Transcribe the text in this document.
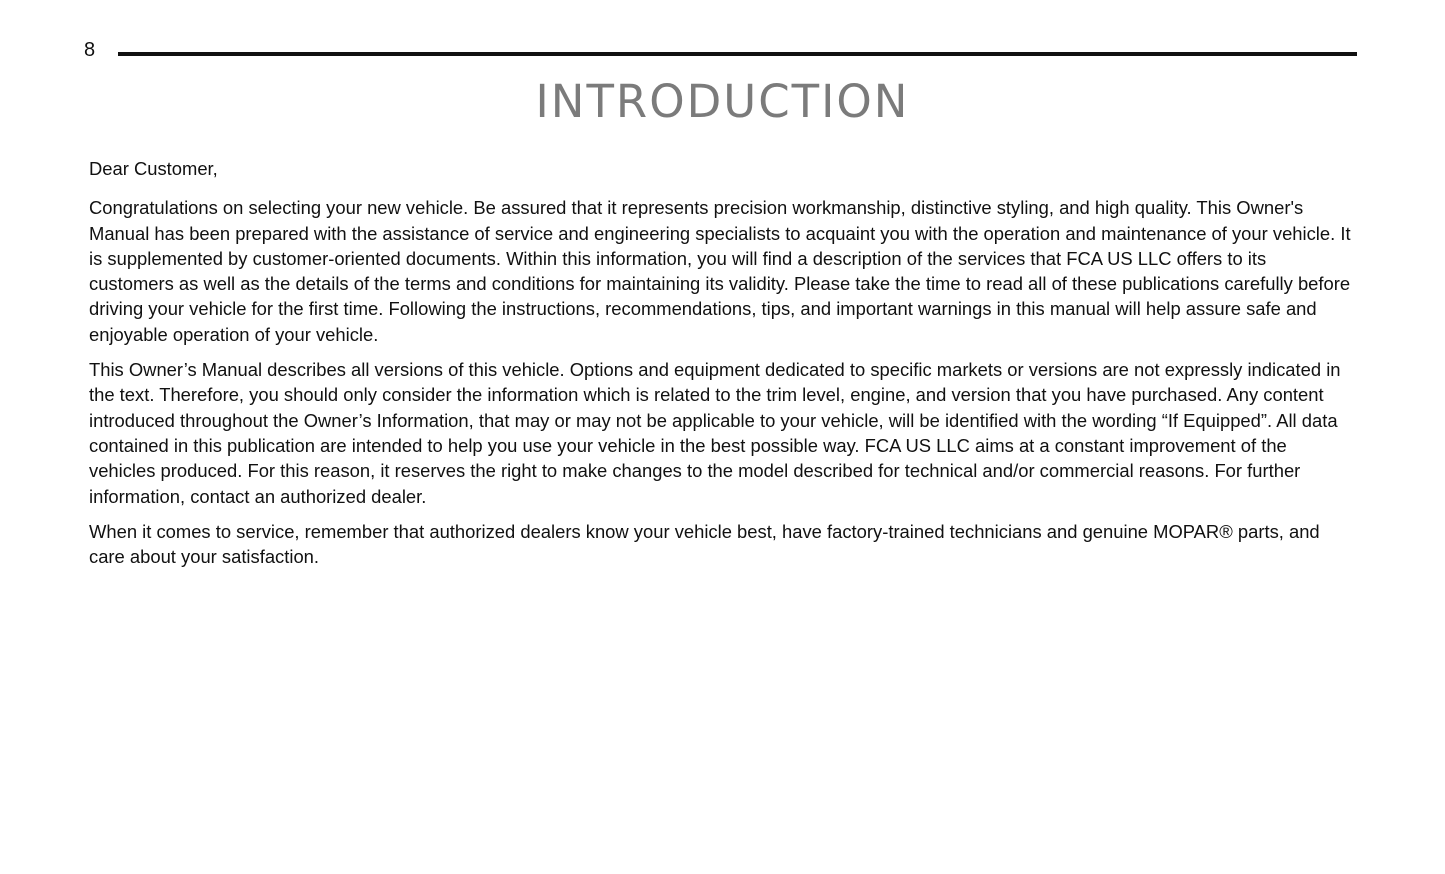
8
INTRODUCTION

Dear Customer,

Congratulations on selecting your new vehicle. Be assured that it represents precision workmanship, distinctive styling, and high quality. This Owner's Manual has been prepared with the assistance of service and engineering specialists to acquaint you with the operation and maintenance of your vehicle. It is supplemented by customer-oriented documents. Within this information, you will find a description of the services that FCA US LLC offers to its customers as well as the details of the terms and conditions for maintaining its validity. Please take the time to read all of these publications carefully before driving your vehicle for the first time. Following the instructions, recommendations, tips, and important warnings in this manual will help assure safe and enjoyable operation of your vehicle.

This Owner’s Manual describes all versions of this vehicle. Options and equipment dedicated to specific markets or versions are not expressly indicated in the text. Therefore, you should only consider the information which is related to the trim level, engine, and version that you have purchased. Any content introduced throughout the Owner’s Information, that may or may not be applicable to your vehicle, will be identified with the wording “If Equipped”. All data contained in this publication are intended to help you use your vehicle in the best possible way. FCA US LLC aims at a constant improvement of the vehicles produced. For this reason, it reserves the right to make changes to the model described for technical and/or commercial reasons. For further information, contact an authorized dealer.

When it comes to service, remember that authorized dealers know your vehicle best, have factory-trained technicians and genuine MOPAR® parts, and care about your satisfaction.
